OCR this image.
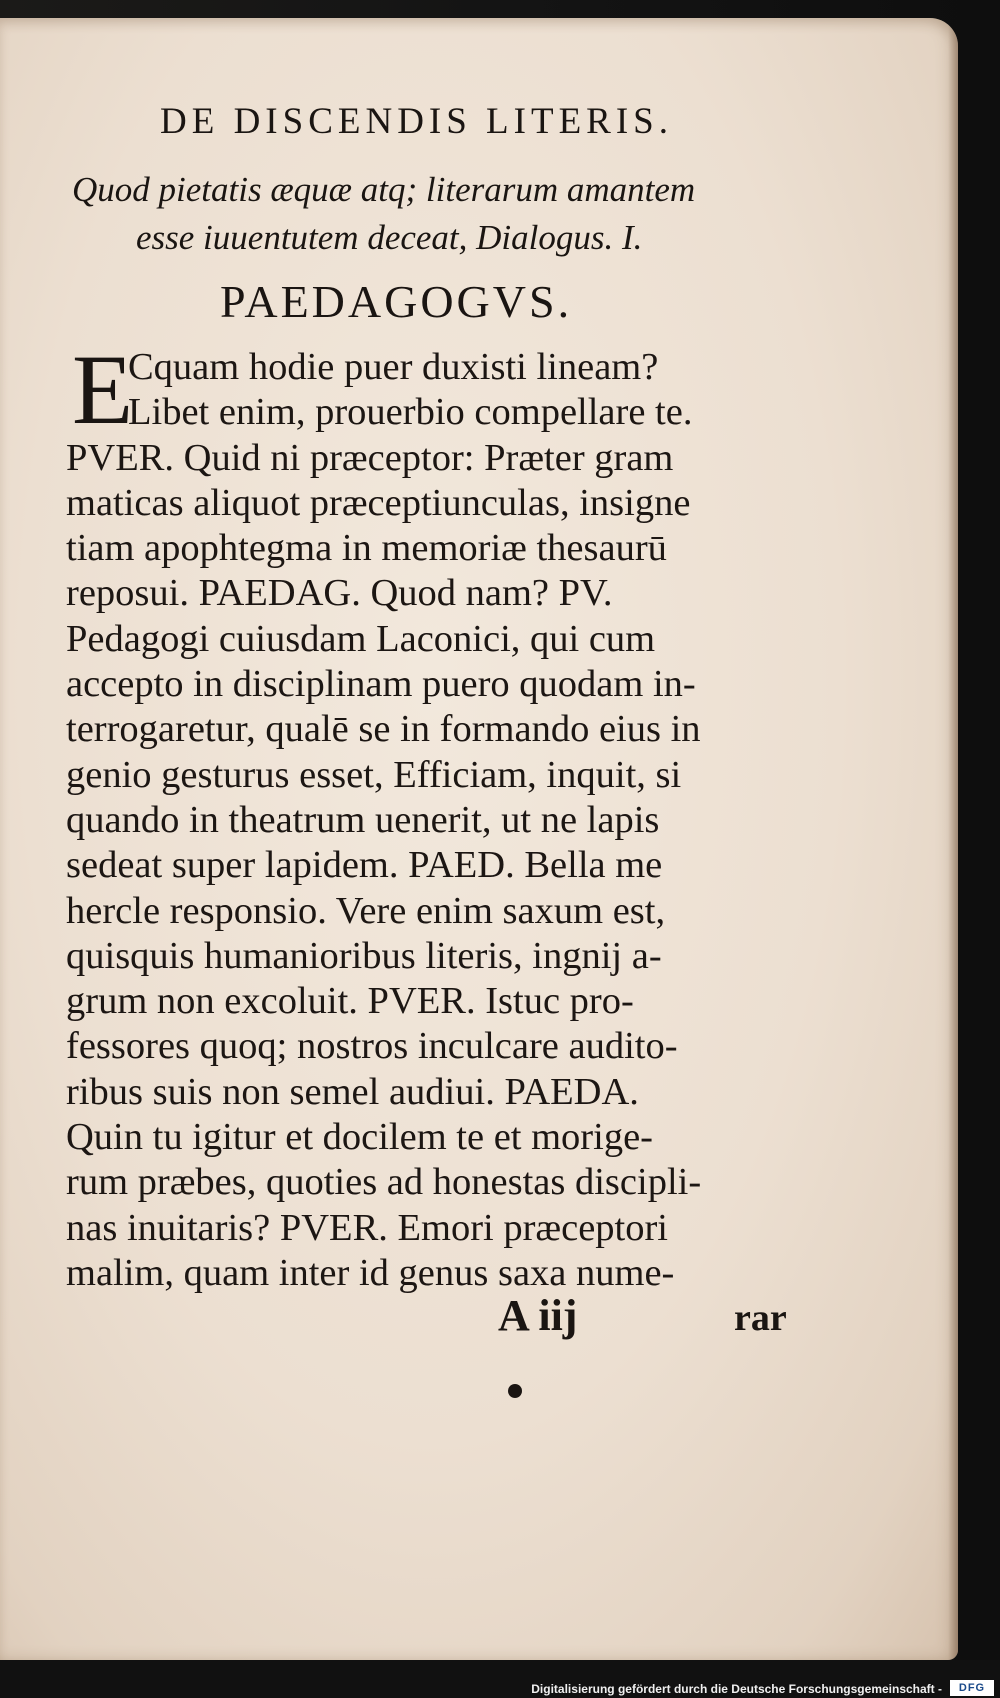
DE DISCENDIS LITERIS.
Quod pietatis æquæ atq; literarum amantem
esse iuuentutem deceat, Dialogus. I.
PAEDAGOGVS.
E
Cquam hodie puer duxisti lineam?
Libet enim, prouerbio compellare te.
PVER. Quid ni præceptor: Præter gram
maticas aliquot præceptiunculas, insigne
tiam apophtegma in memoriæ thesaurū
reposui. PAEDAG. Quod nam? PV.
Pedagogi cuiusdam Laconici, qui cum
accepto in disciplinam puero quodam in-
terrogaretur, qualē se in formando eius in
genio gesturus esset, Efficiam, inquit, si
quando in theatrum uenerit, ut ne lapis
sedeat super lapidem. PAED. Bella me
hercle responsio. Vere enim saxum est,
quisquis humanioribus literis, ingnij a-
grum non excoluit. PVER. Istuc pro-
fessores quoq; nostros inculcare audito-
ribus suis non semel audiui. PAEDA.
Quin tu igitur et docilem te et morige-
rum præbes, quoties ad honestas discipli-
nas inuitaris? PVER. Emori præceptori
malim, quam inter id genus saxa nume-
A iij	rar
Digitalisierung gefördert durch die Deutsche Forschungsgemeinschaft -	DFG
